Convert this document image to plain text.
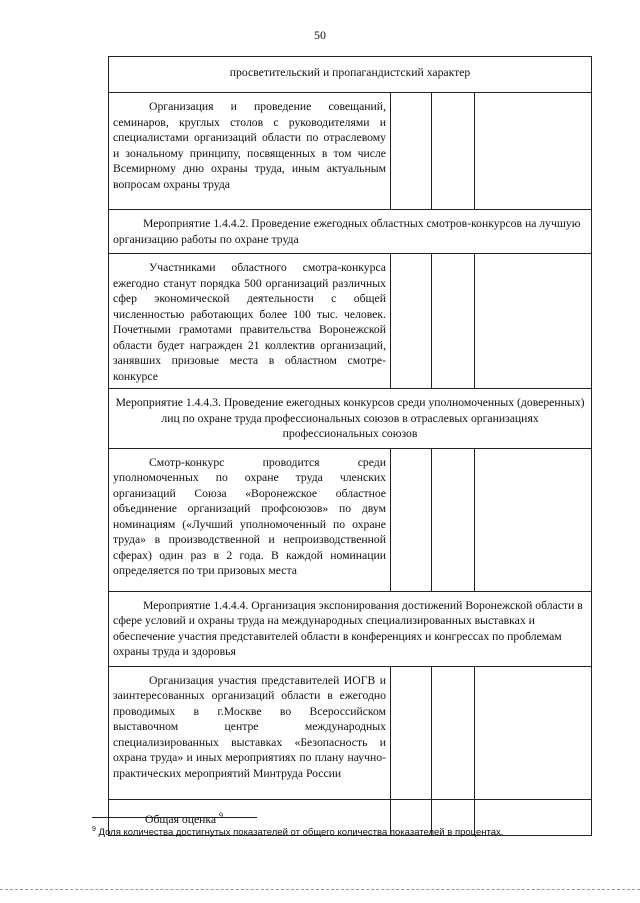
50
просветительский и пропагандистский характер			
Организация и проведение совещаний, семинаров, круглых столов с руководителями и специалистами организаций области по отраслевому и зональному принципу, посвященных в том числе Всемирному дню охраны труда, иным актуальным вопросам охраны труда			
Мероприятие 1.4.4.2. Проведение ежегодных областных смотров-конкурсов на лучшую организацию работы по охране труда			
Участниками областного смотра-конкурса ежегодно станут порядка 500 организаций различных сфер экономической деятельности с общей численностью работающих более 100 тыс. человек. Почетными грамотами правительства Воронежской области будет награжден 21 коллектив организаций, занявших призовые места в областном смотре-конкурсе			
Мероприятие 1.4.4.3. Проведение ежегодных конкурсов среди уполномоченных (доверенных) лиц по охране труда профессиональных союзов в отраслевых организациях профессиональных союзов			
Смотр-конкурс проводится среди уполномоченных по охране труда членских организаций Союза «Воронежское областное объединение организаций профсоюзов» по двум номинациям («Лучший уполномоченный по охране труда» в производственной и непроизводственной сферах) один раз в 2 года. В каждой номинации определяется по три призовых места			
Мероприятие 1.4.4.4. Организация экспонирования достижений Воронежской области в сфере условий и охраны труда на международных специализированных выставках и обеспечение участия представителей области в конференциях и конгрессах по проблемам охраны труда и здоровья			
Организация участия представителей ИОГВ и заинтересованных организаций области в ежегодно проводимых в г.Москве во Всероссийском выставочном центре международных специализированных выставках «Безопасность и охрана труда» и иных мероприятиях по плану научно-практических мероприятий Минтруда России			
Общая оценка $^9$			
$^9$ Доля количества достигнутых показателей от общего количества показателей в процентах.
